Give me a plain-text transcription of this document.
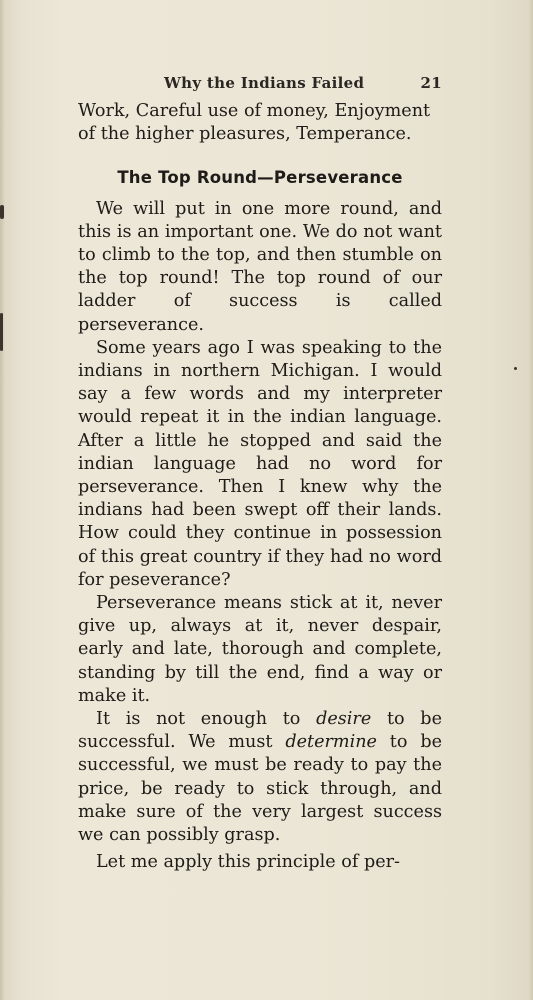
Why the Indians Failed	21

Work, Careful use of money, Enjoyment of the higher pleasures, Temperance.

The Top Round—Perseverance

We will put in one more round, and this is an important one. We do not want to climb to the top, and then stumble on the top round! The top round of our ladder of success is called perseverance.

Some years ago I was speaking to the indians in northern Michigan. I would say a few words and my interpreter would repeat it in the indian language. After a little he stopped and said the indian language had no word for perseverance. Then I knew why the indians had been swept off their lands. How could they continue in possession of this great country if they had no word for peseverance?

Perseverance means stick at it, never give up, always at it, never despair, early and late, thorough and complete, standing by till the end, find a way or make it.

It is not enough to desire to be successful. We must determine to be successful, we must be ready to pay the price, be ready to stick through, and make sure of the very largest success we can possibly grasp.

Let me apply this principle of per-
